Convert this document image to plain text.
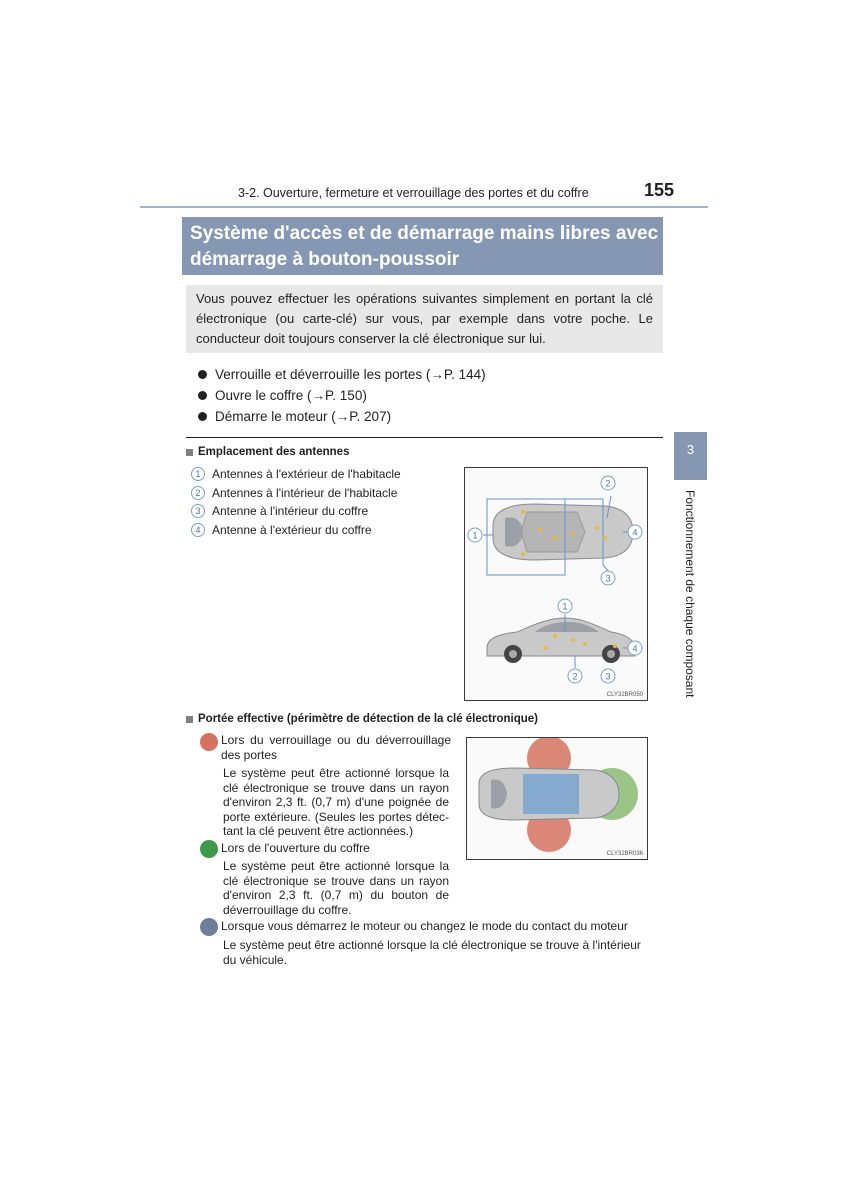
3-2. Ouverture, fermeture et verrouillage des portes et du coffre	155
Système d'accès et de démarrage mains libres avec
démarrage à bouton-poussoir
Vous pouvez effectuer les opérations suivantes simplement en portant la clé électronique (ou carte-clé) sur vous, par exemple dans votre poche. Le conducteur doit toujours conserver la clé électronique sur lui.
Verrouille et déverrouille les portes (→P. 144)
Ouvre le coffre (→P. 150)
Démarre le moteur (→P. 207)
Emplacement des antennes
1 Antennes à l'extérieur de l'habitacle
2 Antennes à l'intérieur de l'habitacle
3 Antenne à l'intérieur du coffre
4 Antenne à l'extérieur du coffre	1
2
4
3
1
4
2	3
CLY32BR050
Portée effective (périmètre de détection de la clé électronique)
CLY32BR036
Lors du verrouillage ou du déverrouillage
des portes
Le système peut être actionné lorsque la
clé électronique se trouve dans un rayon
d'environ 2,3 ft. (0,7 m) d'une poignée de
porte extérieure. (Seules les portes détec-
tant la clé peuvent être actionnées.)
Lors de l'ouverture du coffre
Le système peut être actionné lorsque la
clé électronique se trouve dans un rayon
d'environ 2,3 ft. (0,7 m) du bouton de
déverrouillage du coffre.
Lorsque vous démarrez le moteur ou changez le mode du contact du moteur
Le système peut être actionné lorsque la clé électronique se trouve à l'intérieur
du véhicule.
3
Fonctionnement de chaque composant
